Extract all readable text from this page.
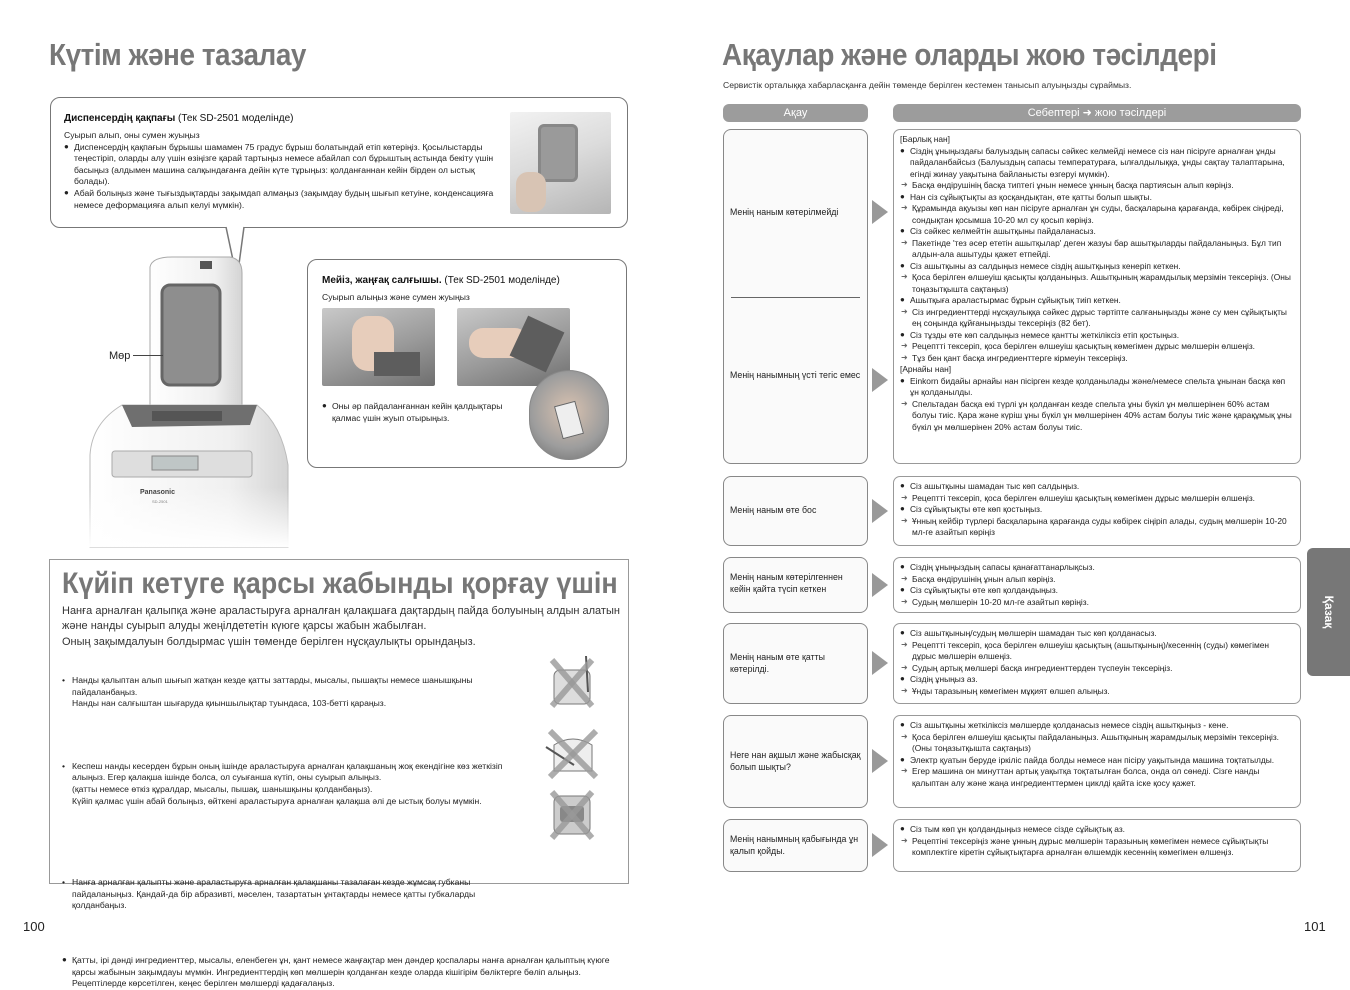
Күтім және тазалау
Диспенсердің қақпағы (Тек SD-2501 моделінде)
Суырып алып, оны сумен жуыңыз
● Диспенсердің қақпағын бұрышы шамамен 75 градус бұрыш болатындай етіп көтеріңіз. Қосылыстарды теңестіріп, оларды алу үшін өзіңізге қарай тартыңыз немесе абайлап сол бұрыштың астында бекіту үшін басыңыз (алдымен машина салқындағанға дейін күте тұрыңыз: қолданғаннан кейін бірден ол ыстық болады).
● Абай болыңыз және тығыздықтарды зақымдап алмаңыз (зақымдау будың шығып кетуіне, конденсацияға немесе деформацияға алып келуі мүмкін).
Мөр
Мейіз, жаңғақ салғышы. (Тек SD-2501 моделінде)
Суырып алыңыз және сумен жуыңыз
● Оны әр пайдаланғаннан кейін қалдықтары қалмас үшін жуып отырыңыз.
Күйіп кетуге қарсы жабынды қорғау үшін
Нанға арналған қалыпқа және араластыруға арналған қалақшаға дақтардың пайда болуының алдын алатын және нанды суырып алуды жеңілдететін күюге қарсы жабын жабылған.
Оның зақымдалуын болдырмас үшін төменде берілген нұсқаулықты орындаңыз.
• Нанды қалыптан алып шығып жатқан кезде қатты заттарды, мысалы, пышақты немесе шанышқыны пайдаланбаңыз.
Нанды нан салғыштан шығаруда қиыншылықтар туындаса, 103-бетті қараңыз.
• Кеспеш нанды кесерден бұрын оның ішінде араластыруға арналған қалақшаның жоқ екендігіне көз жеткізіп алыңыз. Егер қалақша ішінде болса, ол суығанша күтіп, оны суырып алыңыз.
(қатты немесе өткіз құралдар, мысалы, пышақ, шанышқыны қолданбаңыз).
Күйіп қалмас үшін абай болыңыз, өйткені араластыруға арналған қалақша әлі де ыстық болуы мүмкін.
• Нанға арналған қалыпты және араластыруға арналған қалақшаны тазалаған кезде жұмсақ губканы пайдаланыңыз. Қандай-да бір абразивті, мәселен, тазартатын ұнтақтарды немесе қатты губкаларды қолданбаңыз.
● Қатты, ірі дәнді ингредиенттер, мысалы, еленбеген ұн, қант немесе жаңғақтар мен дәндер қоспалары нанға арналған қалыптың күюге қарсы жабынын зақымдауы мүмкін. Ингредиенттердің көп мөлшерін қолданған кезде оларда кішігірім бөліктерге бөліп алыңыз. Рецептілерде көрсетілген, кеңес берілген мөлшерді қадағалаңыз.
100
Ақаулар және оларды жою тәсілдері
Сервистік орталыққа хабарласқанға дейін төменде берілген кестемен танысып алуыңызды сұраймыз.
Ақау	Себептері ➜ жою тәсілдері
Менің наным көтерілмейді
Менің нанымның үсті тегіс емес
[Барлық нан]
● Сіздің ұныңыздағы балуыздың сапасы сәйкес келмейді немесе сіз нан пісіруге арналған ұнды пайдаланбайсыз (Балуыздың сапасы температураға, ылғалдылыққа, ұнды сақтау талаптарына, егінді жинау уақытына байланысты өзгеруі мүмкін).
➜ Басқа өндірушінің басқа типтегі ұнын немесе ұнның басқа партиясын алып көріңіз.
● Нан сіз сұйықтықты аз қосқандықтан, өте қатты болып шықты.
➜ Құрамында ақуызы көп нан пісіруге арналған ұн суды, басқаларына қарағанда, көбірек сіңіреді, сондықтан қосымша 10-20 мл су қосып көріңіз.
● Сіз сәйкес келмейтін ашытқыны пайдаланасыз.
➜ Пакетінде 'тез әсер ететін ашытқылар' деген жазуы бар ашытқыларды пайдаланыңыз. Бұл тип алдын-ала ашытуды қажет етпейді.
● Сіз ашытқыны аз салдыңыз немесе сіздің ашытқыңыз кенеріп кеткен.
➜ Қоса берілген өлшеуіш қасықты қолданыңыз. Ашытқының жарамдылық мерзімін тексеріңіз. (Оны тоңазытқышта сақтаңыз)
● Ашытқыға араластырмас бұрын сұйықтық тиіп кеткен.
➜ Сіз ингредиенттерді нұсқаулыққа сәйкес дұрыс тәртіпте салғаныңызды және су мен сұйықтықты ең соңында құйғаныңызды тексеріңіз (82 бет).
● Сіз тұзды өте көп салдыңыз немесе қантты жеткіліксіз етіп қостыңыз.
➜ Рецептті тексеріп, қоса берілген өлшеуіш қасықтың көмегімен дұрыс мөлшерін өлшеңіз.
➜ Тұз бен қант басқа ингредиенттерге кірмеуін тексеріңіз.
[Арнайы нан]
● Einkorn бидайы арнайы нан пісірген кезде қолданылады және/немесе спельта ұнынан басқа көп ұн қолданылды.
➜ Спельтадан басқа екі түрлі ұн қолданған кезде спельта ұны бүкіл ұн мөлшерінен 60% астам болуы тиіс. Қара және күріш ұны бүкіл ұн мөлшерінен 40% астам болуы тиіс және қарақұмық ұны бүкіл ұн мөлшерінен 20% астам болуы тиіс.
Менің наным өте бос
● Сіз ашытқыны шамадан тыс көп салдыңыз.
➜ Рецептті тексеріп, қоса берілген өлшеуіш қасықтың көмегімен дұрыс мөлшерін өлшеңіз.
● Сіз сұйықтықты өте көп қостыңыз.
➜ Ұнның кейбір түрлері басқаларына қарағанда суды көбірек сіңіріп алады, судың мөлшерін 10-20 мл-ге азайтып көріңіз
Менің наным көтерілгеннен кейін қайта түсіп кеткен
● Сіздің ұныңыздың сапасы қанағаттанарлықсыз.
➜ Басқа өндірушінің ұнын алып көріңіз.
● Сіз сұйықтықты өте көп қолдандыңыз.
➜ Судың мөлшерін 10-20 мл-ге азайтып көріңіз.
Менің наным өте қатты көтерілді.
● Сіз ашытқының/судың мөлшерін шамадан тыс көп қолданасыз.
➜ Рецептті тексеріп, қоса берілген өлшеуіш қасықтың (ашытқының)/кесеннің (суды) көмегімен дұрыс мөлшерін өлшеңіз.
➜ Судың артық мөлшері басқа ингредиенттерден түспеуін тексеріңіз.
● Сіздің ұныңыз аз.
➜ Ұнды таразының көмегімен мұқият өлшеп алыңыз.
Неге нан ақшыл және жабысқақ болып шықты?
● Сіз ашытқыны жеткіліксіз мөлшерде қолданасыз немесе сіздің ашытқыңыз - кене.
➜ Қоса берілген өлшеуіш қасықты пайдаланыңыз. Ашытқының жарамдылық мерзімін тексеріңіз. (Оны тоңазытқышта сақтаңыз)
● Электр қуатын беруде іркіліс пайда болды немесе нан пісіру уақытында машина тоқтатылды.
➜ Егер машина он минуттан артық уақытқа тоқтатылған болса, онда ол сөнеді. Сізге нанды қалыптан алу және жаңа ингредиенттермен циклді қайта іске қосу қажет.
Менің нанымның қабығында ұн қалып қойды.
● Сіз тым көп ұн қолдандыңыз немесе сізде сұйықтық аз.
➜ Рецептіні тексеріңіз және ұнның дұрыс мөлшерін таразының көмегімен немесе сұйықтықты комплектіге кіретін сұйықтықтарға арналған өлшемдік кесеннің көмегімен өлшеңіз.
Қазақ
101
